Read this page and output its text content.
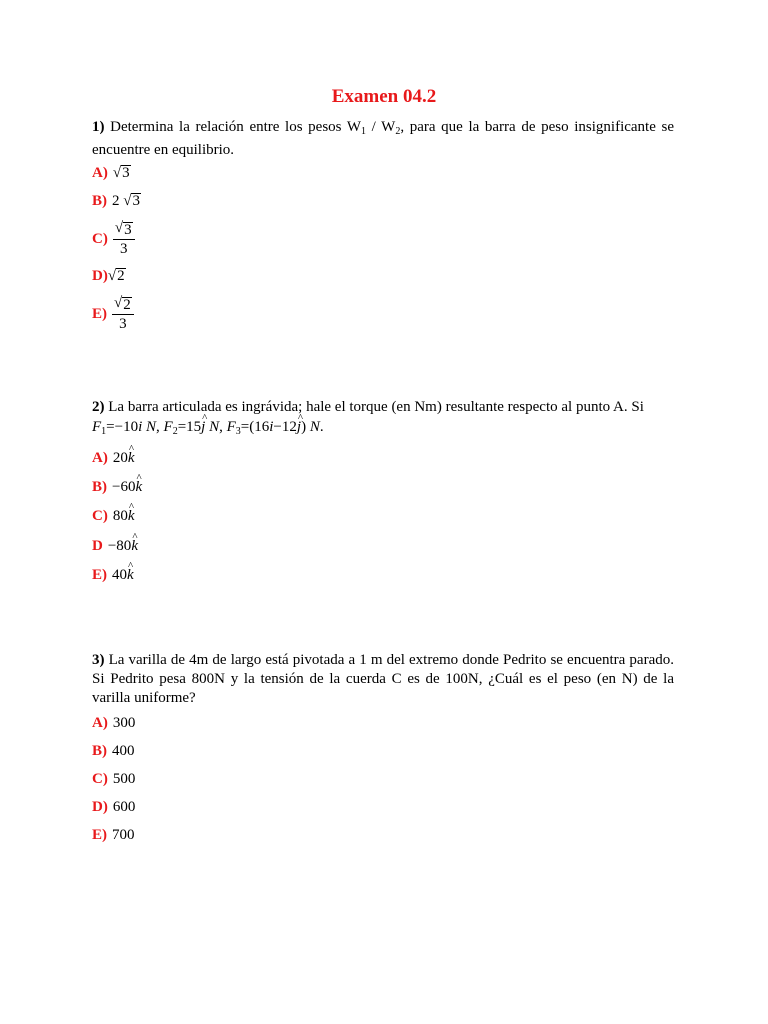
Examen 04.2
1) Determina la relación entre los pesos $W_1 / W_2$, para que la barra de peso insignificante se encuentre en equilibrio.
A) √ 3
B) 2 √ 3
$C) \frac{√ 3}{3}$
D) √ 2
$E) \frac{√ 2}{3}$
2) La barra articulada es ingrávida; hale el torque (en Nm) resultante respecto al punto A. Si
$F_1=-10i$ N, $F_2=15\^{}$ j N, $F_3=(16i-12\^{}$ j) N.
A) 20^ k
B) −60^ k
C) 80^ k
D −80^ k
E) 40^ k
3) La varilla de 4m de largo está pivotada a 1 m del extremo donde Pedrito se encuentra parado. Si Pedrito pesa 800N y la tensión de la cuerda C es de 100N, ¿Cuál es el peso (en N) de la varilla uniforme?
A) 300
B) 400
C) 500
D) 600
E) 700
